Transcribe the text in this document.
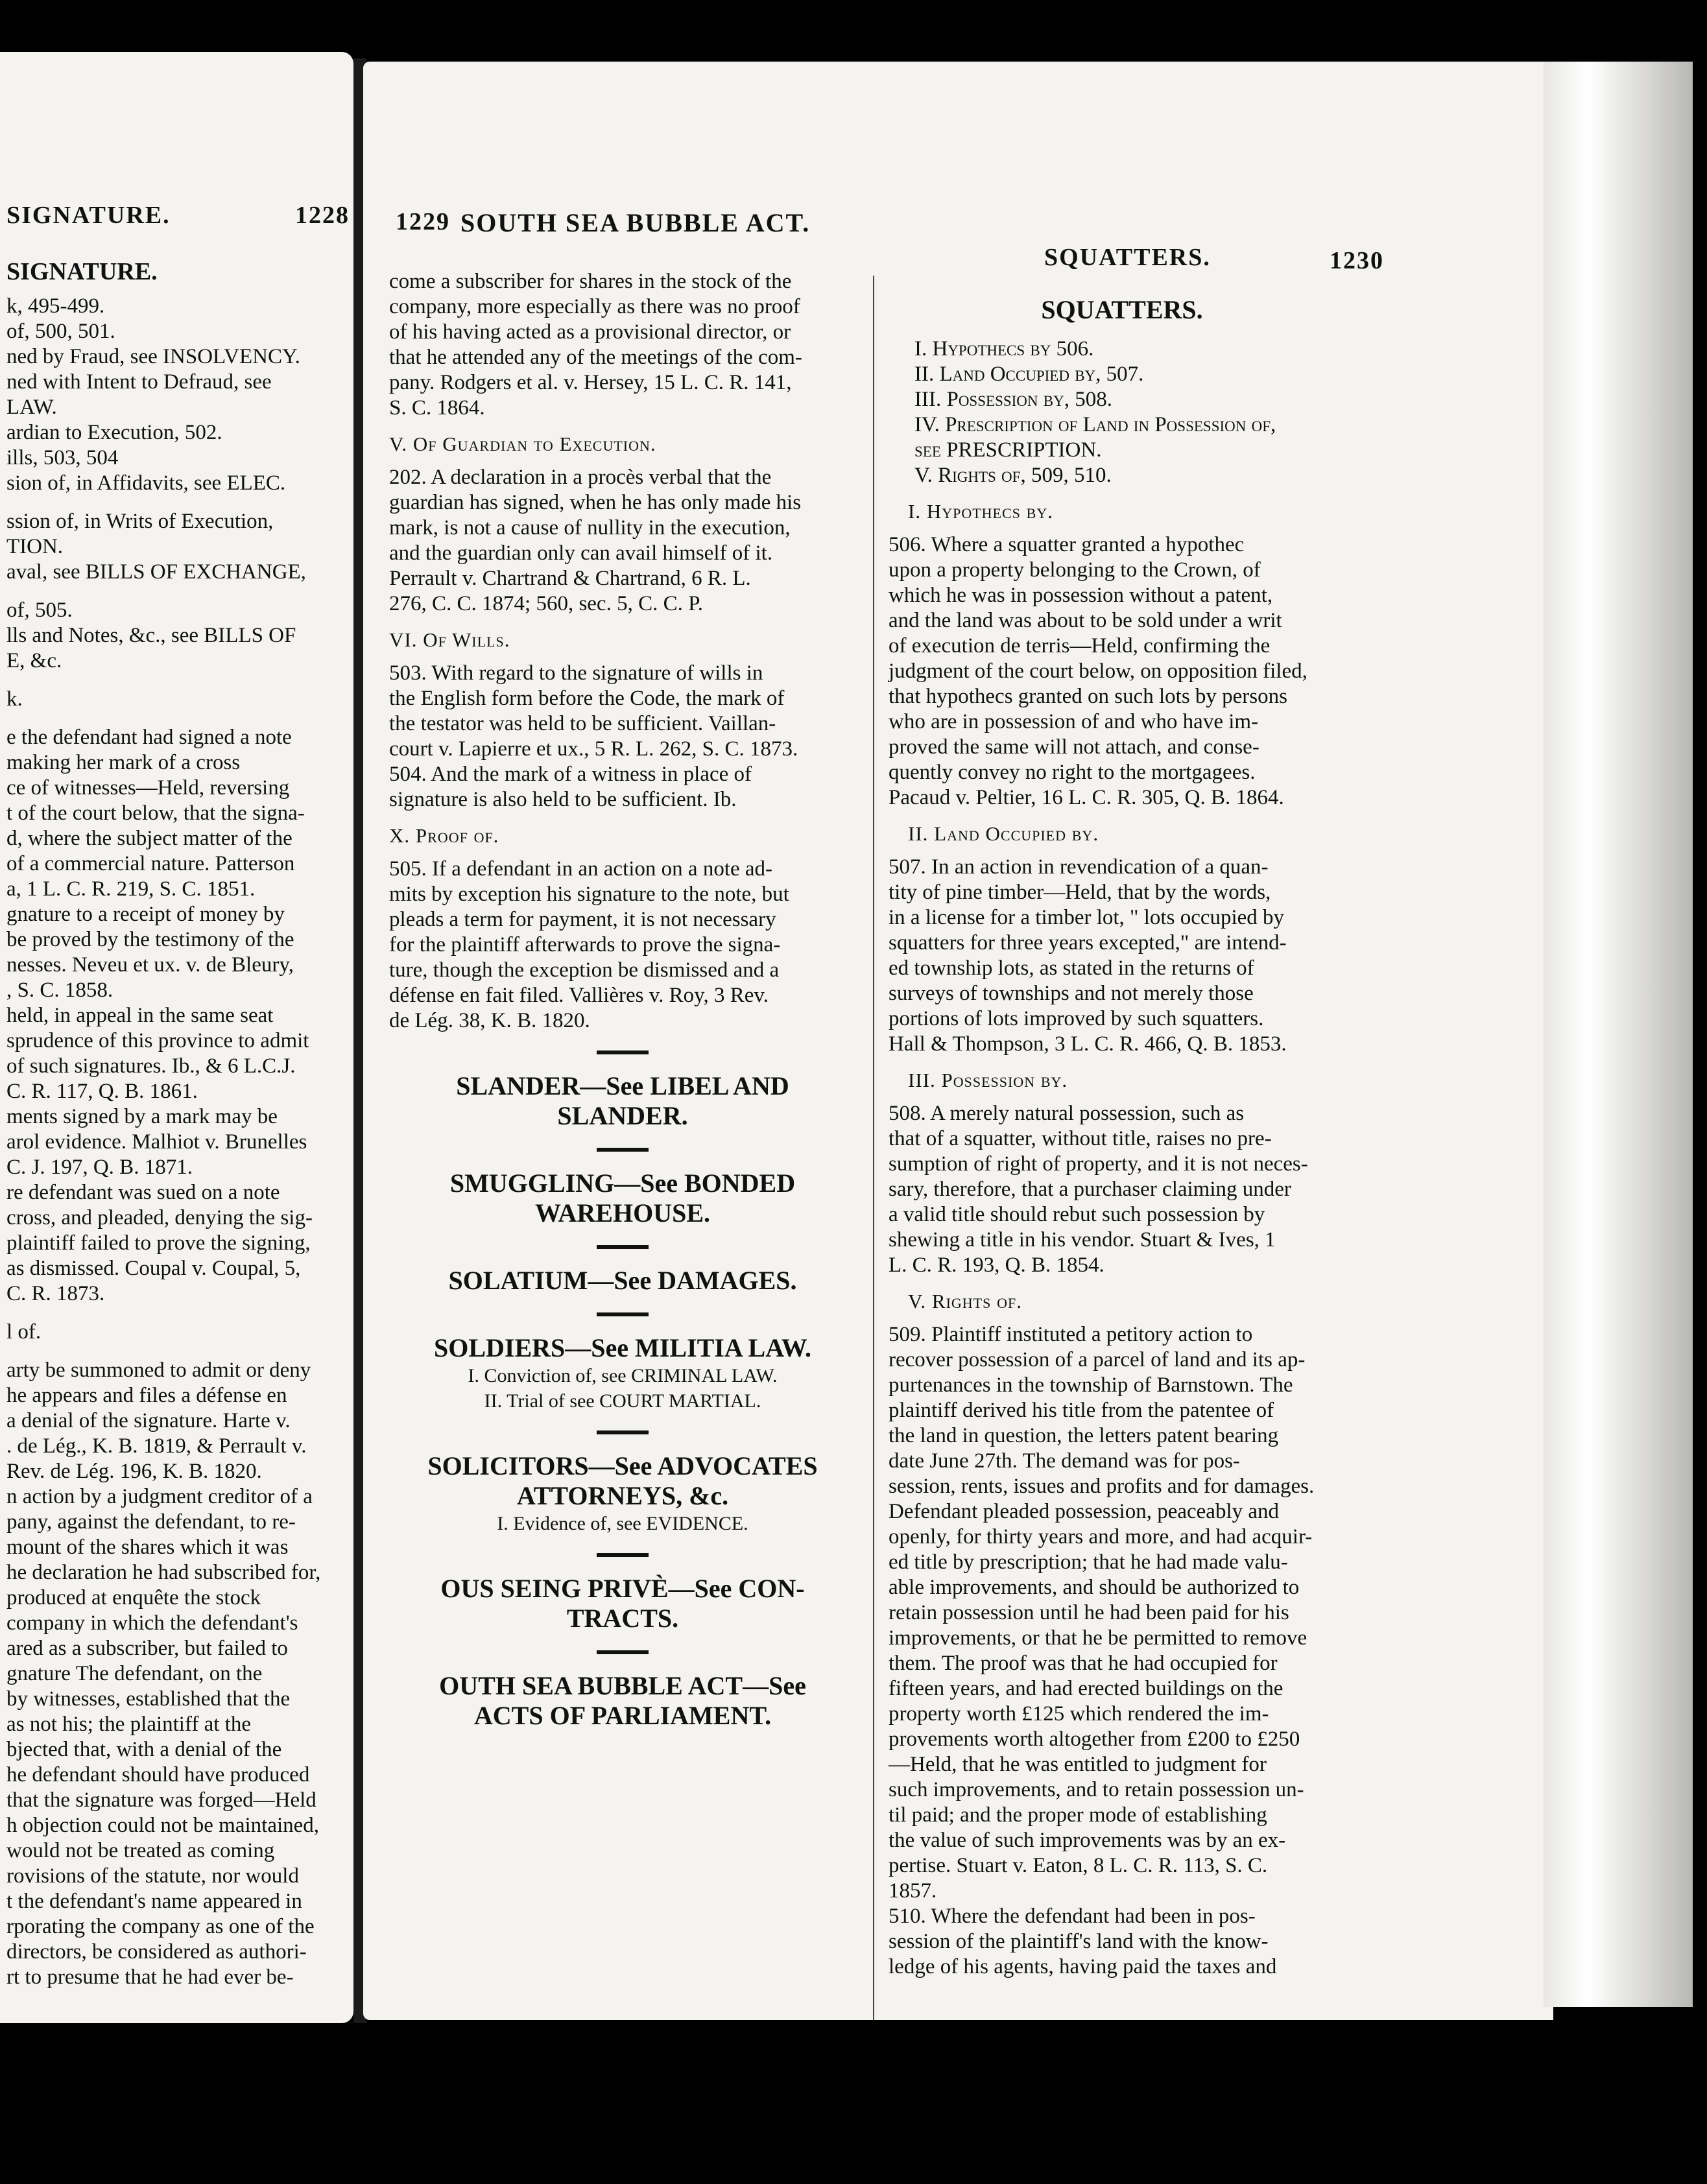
SIGNATURE.	1228
SIGNATURE.
k, 495-499.
of, 500, 501.
ned by Fraud, see INSOLVENCY.
ned with Intent to Defraud, see
LAW.
ardian to Execution, 502.
ills, 503, 504
sion of, in Affidavits, see ELEC.
ssion of, in Writs of Execution,
TION.
aval, see BILLS OF EXCHANGE,
of, 505.
lls and Notes, &c., see BILLS OF
E, &c.
k.
e the defendant had signed a note
making her mark of a cross
ce of witnesses—Held, reversing
t of the court below, that the signa-
d, where the subject matter of the
of a commercial nature. Patterson
a, 1 L. C. R. 219, S. C. 1851.
gnature to a receipt of money by
be proved by the testimony of the
nesses. Neveu et ux. v. de Bleury,
, S. C. 1858.
held, in appeal in the same seat
sprudence of this province to admit
of such signatures. Ib., & 6 L.C.J.
C. R. 117, Q. B. 1861.
ments signed by a mark may be
arol evidence. Malhiot v. Brunelles
C. J. 197, Q. B. 1871.
re defendant was sued on a note
cross, and pleaded, denying the sig-
plaintiff failed to prove the signing,
as dismissed. Coupal v. Coupal, 5,
C. R. 1873.
l of.
arty be summoned to admit or deny
he appears and files a défense en
a denial of the signature. Harte v.
. de Lég., K. B. 1819, & Perrault v.
Rev. de Lég. 196, K. B. 1820.
n action by a judgment creditor of a
pany, against the defendant, to re-
mount of the shares which it was
he declaration he had subscribed for,
produced at enquête the stock
company in which the defendant's
ared as a subscriber, but failed to
gnature The defendant, on the
by witnesses, established that the
as not his; the plaintiff at the
bjected that, with a denial of the
he defendant should have produced
that the signature was forged—Held
h objection could not be maintained,
would not be treated as coming
rovisions of the statute, nor would
t the defendant's name appeared in
rporating the company as one of the
directors, be considered as authori-
rt to presume that he had ever be-
1229 SOUTH SEA BUBBLE ACT.
SQUATTERS.	1230
come a subscriber for shares in the stock of the
company, more especially as there was no proof
of his having acted as a provisional director, or
that he attended any of the meetings of the com-
pany. Rodgers et al. v. Hersey, 15 L. C. R. 141,
S. C. 1864.
V. Of Guardian to Execution.
202. A declaration in a procès verbal that the
guardian has signed, when he has only made his
mark, is not a cause of nullity in the execution,
and the guardian only can avail himself of it.
Perrault v. Chartrand & Chartrand, 6 R. L.
276, C. C. 1874; 560, sec. 5, C. C. P.
VI. Of Wills.
503. With regard to the signature of wills in
the English form before the Code, the mark of
the testator was held to be sufficient. Vaillan-
court v. Lapierre et ux., 5 R. L. 262, S. C. 1873.
504. And the mark of a witness in place of
signature is also held to be sufficient. Ib.
X. Proof of.
505. If a defendant in an action on a note ad-
mits by exception his signature to the note, but
pleads a term for payment, it is not necessary
for the plaintiff afterwards to prove the signa-
ture, though the exception be dismissed and a
défense en fait filed. Vallières v. Roy, 3 Rev.
de Lég. 38, K. B. 1820.
SLANDER—See LIBEL AND
SLANDER.
SMUGGLING—See BONDED
WAREHOUSE.
SOLATIUM—See DAMAGES.
SOLDIERS—See MILITIA LAW.
I. Conviction of, see CRIMINAL LAW.
II. Trial of see COURT MARTIAL.
SOLICITORS—See ADVOCATES
ATTORNEYS, &c.
I. Evidence of, see EVIDENCE.
OUS SEING PRIVÈ—See CON-
TRACTS.
OUTH SEA BUBBLE ACT—See
ACTS OF PARLIAMENT.
SQUATTERS.
I. Hypothecs by 506.
II. Land Occupied by, 507.
III. Possession by, 508.
IV. Prescription of Land in Possession of,
see PRESCRIPTION.
V. Rights of, 509, 510.
I. Hypothecs by.
506. Where a squatter granted a hypothec
upon a property belonging to the Crown, of
which he was in possession without a patent,
and the land was about to be sold under a writ
of execution de terris—Held, confirming the
judgment of the court below, on opposition filed,
that hypothecs granted on such lots by persons
who are in possession of and who have im-
proved the same will not attach, and conse-
quently convey no right to the mortgagees.
Pacaud v. Peltier, 16 L. C. R. 305, Q. B. 1864.
II. Land Occupied by.
507. In an action in revendication of a quan-
tity of pine timber—Held, that by the words,
in a license for a timber lot, " lots occupied by
squatters for three years excepted," are intend-
ed township lots, as stated in the returns of
surveys of townships and not merely those
portions of lots improved by such squatters.
Hall & Thompson, 3 L. C. R. 466, Q. B. 1853.
III. Possession by.
508. A merely natural possession, such as
that of a squatter, without title, raises no pre-
sumption of right of property, and it is not neces-
sary, therefore, that a purchaser claiming under
a valid title should rebut such possession by
shewing a title in his vendor. Stuart & Ives, 1
L. C. R. 193, Q. B. 1854.
V. Rights of.
509. Plaintiff instituted a petitory action to
recover possession of a parcel of land and its ap-
purtenances in the township of Barnstown. The
plaintiff derived his title from the patentee of
the land in question, the letters patent bearing
date June 27th. The demand was for pos-
session, rents, issues and profits and for damages.
Defendant pleaded possession, peaceably and
openly, for thirty years and more, and had acquir-
ed title by prescription; that he had made valu-
able improvements, and should be authorized to
retain possession until he had been paid for his
improvements, or that he be permitted to remove
them. The proof was that he had occupied for
fifteen years, and had erected buildings on the
property worth £125 which rendered the im-
provements worth altogether from £200 to £250
—Held, that he was entitled to judgment for
such improvements, and to retain possession un-
til paid; and the proper mode of establishing
the value of such improvements was by an ex-
pertise. Stuart v. Eaton, 8 L. C. R. 113, S. C.
1857.
510. Where the defendant had been in pos-
session of the plaintiff's land with the know-
ledge of his agents, having paid the taxes and
